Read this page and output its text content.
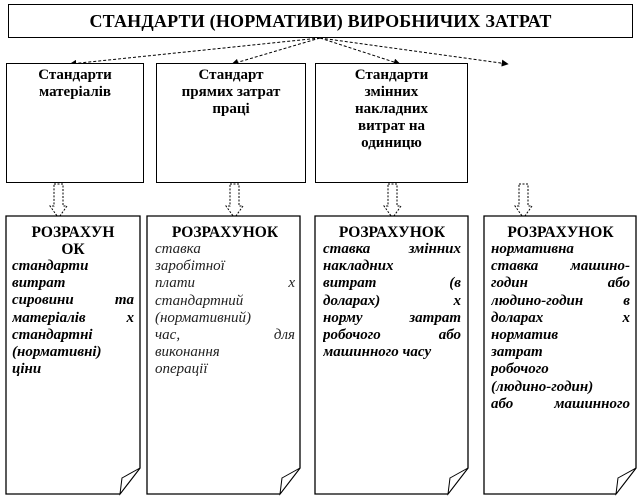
СТАНДАРТИ (НОРМАТИВИ) ВИРОБНИЧИХ ЗАТРАТ
Стандарти матеріалів
Стандарт прямих затрат праці
Стандарти змінних накладних витрат на одиницю
РОЗРАХУН
ОК
стандарти
витрат
сировини та
матеріалів х
стандартні
(нормативні)
ціни
РОЗРАХУНОК
ставка
заробітної
плати х
стандартний
(нормативний)
час, для
виконання
операції
РОЗРАХУНОК
ставка змінних
накладних
витрат (в
доларах) х
норму затрат
робочого або
машинного часу
РОЗРАХУНОК
нормативна
ставка машино-
годин або
людино-годин в
доларах х
норматив
затрат
робочого
(людино-годин)
або машинного
